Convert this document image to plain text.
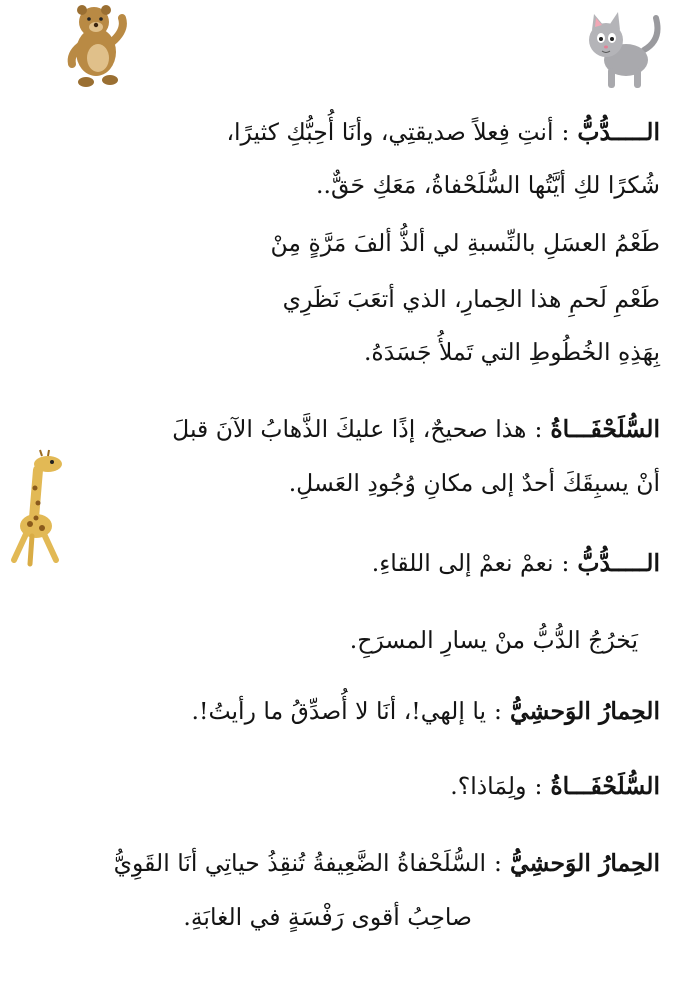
الـــــدُّبُّ:أنتِ فِعلاً صديقتِي، وأنَا أُحِبُّكِ كثيرًا،
شُكرًا لكِ أيَّتُها السُّلَحْفاةُ، مَعَكِ حَقٌّ..
طَعْمُ العسَلِ بالنِّسبةِ لي ألذُّ ألفَ مَرَّةٍ مِنْ
طَعْمِ لَحمِ هذا الحِمارِ، الذي أتعَبَ نَظَرِي
بِهَذِهِ الخُطُوطِ التي تَملأُ جَسَدَهُ.
السُّلَحْفَـــاةُ:هذا صحيحٌ، إذًا عليكَ الذَّهابُ الآنَ قبلَ
أنْ يسبِقَكَ أحدٌ إلى مكانِ وُجُودِ العَسلِ.
الـــــدُّبُّ:نعمْ نعمْ إلى اللقاءِ.
يَخرُجُ الدُّبُّ منْ يسارِ المسرَحِ.
الحِمارُ الوَحشِيُّ:يا إلهي!، أنَا لا أُصدِّقُ ما رأيتُ!.
السُّلَحْفَـــاةُ:ولِمَاذا؟.
الحِمارُ الوَحشِيُّ:السُّلَحْفاةُ الضَّعِيفةُ تُنقِذُ حياتِي أنَا القَوِيُّ
صاحِبُ أقوى رَفْسَةٍ في الغابَةِ.
